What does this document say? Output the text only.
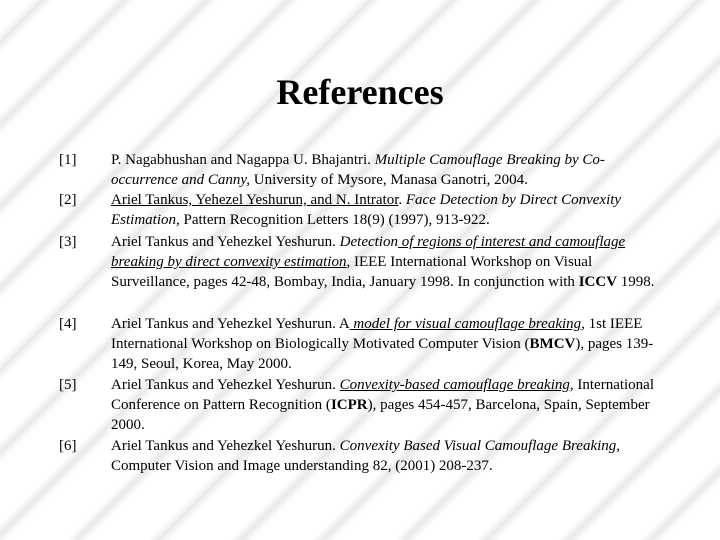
References
[1] P. Nagabhushan and Nagappa U. Bhajantri. Multiple Camouflage Breaking by Co-occurrence and Canny, University of Mysore, Manasa Ganotri, 2004.
[2] Ariel Tankus, Yehezel Yeshurun, and N. Intrator. Face Detection by Direct Convexity Estimation, Pattern Recognition Letters 18(9) (1997), 913-922.
[3] Ariel Tankus and Yehezkel Yeshurun. Detection of regions of interest and camouflage breaking by direct convexity estimation, IEEE International Workshop on Visual Surveillance, pages 42-48, Bombay, India, January 1998. In conjunction with ICCV 1998.
[4] Ariel Tankus and Yehezkel Yeshurun. A model for visual camouflage breaking, 1st IEEE International Workshop on Biologically Motivated Computer Vision (BMCV), pages 139-149, Seoul, Korea, May 2000.
[5] Ariel Tankus and Yehezkel Yeshurun. Convexity-based camouflage breaking, International Conference on Pattern Recognition (ICPR), pages 454-457, Barcelona, Spain, September 2000.
[6] Ariel Tankus and Yehezkel Yeshurun. Convexity Based Visual Camouflage Breaking, Computer Vision and Image understanding 82, (2001) 208-237.
